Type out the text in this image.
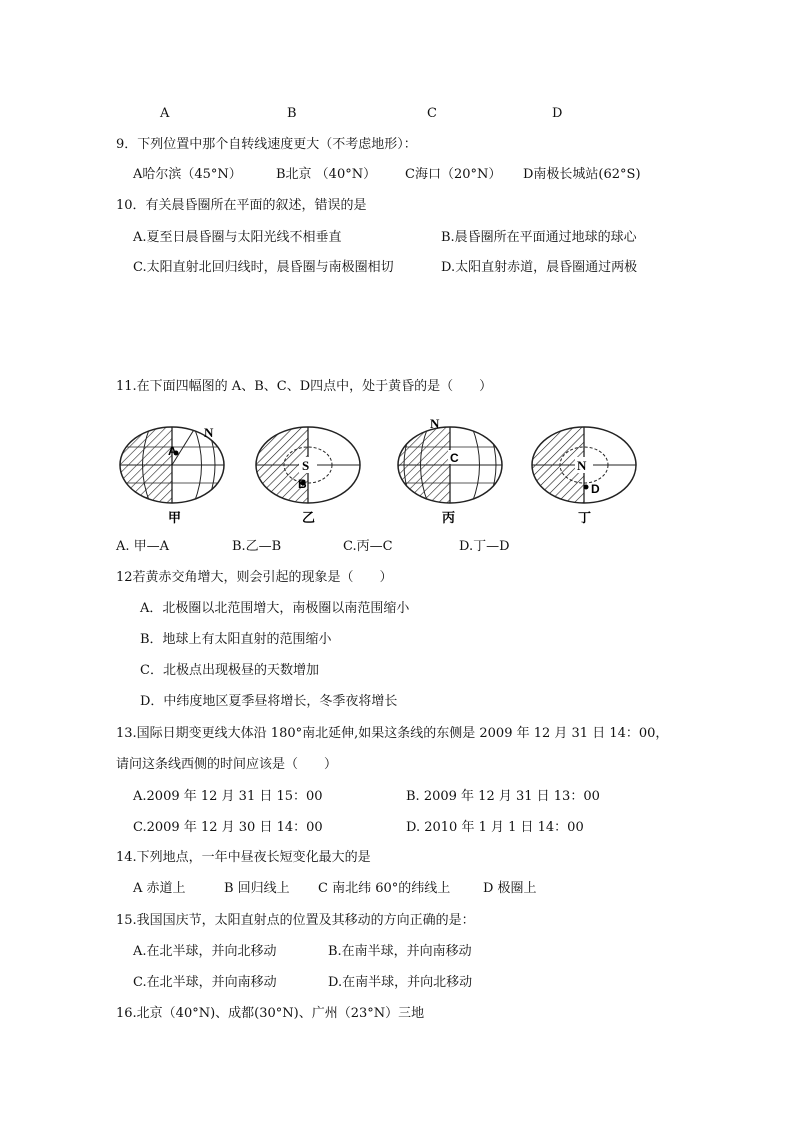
A	B	C	D
9．下列位置中那个自转线速度更大（不考虑地形）：
A哈尔滨（45°N）	B北京 （40°N） C海口（20°N） D南极长城站(62°S)
10．有关晨昏圈所在平面的叙述，错误的是
A.夏至日晨昏圈与太阳光线不相垂直	B.晨昏圈所在平面通过地球的球心
C.太阳直射北回归线时，晨昏圈与南极圈相切	D.太阳直射赤道，晨昏圈通过两极
11.在下面四幅图的 A、B、C、D四点中，处于黄昏的是（　　）
A
N
甲
S
B
乙
N
C
丙
N
D
丁
A. 甲—A	B.乙—B	C.丙—C	D.丁—D
12若黄赤交角增大，则会引起的现象是（　　）
A．北极圈以北范围增大，南极圈以南范围缩小
B．地球上有太阳直射的范围缩小
C．北极点出现极昼的天数增加
D．中纬度地区夏季昼将增长，冬季夜将增长
13.国际日期变更线大体沿 180°南北延伸,如果这条线的东侧是 2009 年 12 月 31 日 14：00，
请问这条线西侧的时间应该是（　　）
A.2009 年 12 月 31 日 15：00	B. 2009 年 12 月 31 日 13：00
C.2009 年 12 月 30 日 14：00	D. 2010 年 1 月 1 日 14：00
14.下列地点，一年中昼夜长短变化最大的是
A 赤道上	B 回归线上 C 南北纬 60°的纬线上	D 极圈上
15.我国国庆节，太阳直射点的位置及其移动的方向正确的是：
A.在北半球，并向北移动	B.在南半球，并向南移动
C.在北半球，并向南移动	D.在南半球，并向北移动
16.北京（40°N)、成都(30°N)、广州（23°N）三地
